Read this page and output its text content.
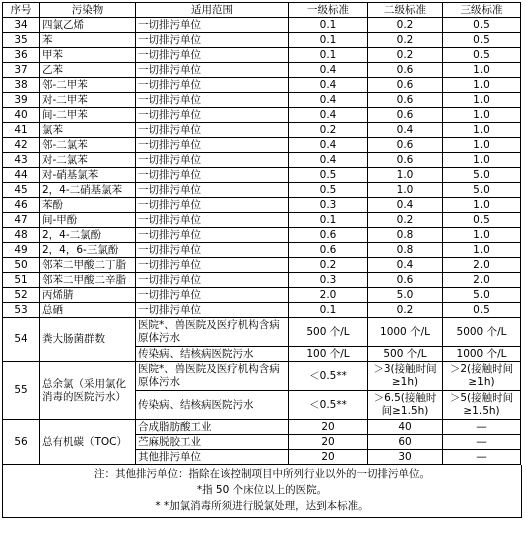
序号	污染物	适用范围	一级标准	二级标准	三级标准
34	四氯乙烯	一切排污单位	0.1	0.2	0.5
35	苯	一切排污单位	0.1	0.2	0.5
36	甲苯	一切排污单位	0.1	0.2	0.5
37	乙苯	一切排污单位	0.4	0.6	1.0
38	邻-二甲苯	一切排污单位	0.4	0.6	1.0
39	对-二甲苯	一切排污单位	0.4	0.6	1.0
40	间-二甲苯	一切排污单位	0.4	0.6	1.0
41	氯苯	一切排污单位	0.2	0.4	1.0
42	邻-二氯苯	一切排污单位	0.4	0.6	1.0
43	对-二氯苯	一切排污单位	0.4	0.6	1.0
44	对-硝基氯苯	一切排污单位	0.5	1.0	5.0
45	2，4-二硝基氯苯	一切排污单位	0.5	1.0	5.0
46	苯酚	一切排污单位	0.3	0.4	1.0
47	间-甲酚	一切排污单位	0.1	0.2	0.5
48	2，4-二氯酚	一切排污单位	0.6	0.8	1.0
49	2，4，6-三氯酚	一切排污单位	0.6	0.8	1.0
50	邻苯二甲酸二丁脂	一切排污单位	0.2	0.4	2.0
51	邻苯二甲酸二辛脂	一切排污单位	0.3	0.6	2.0
52	丙烯腈	一切排污单位	2.0	5.0	5.0
53	总硒	一切排污单位	0.1	0.2	0.5
54	粪大肠菌群数	医院*、兽医院及医疗机构含病原体污水	500 个/L	1000 个/L	5000 个/L
		传染病、结核病医院污水	100 个/L	500 个/L	1000 个/L
55	总余氯（采用氯化消毒的医院污水）	医院*、兽医院及医疗机构含病原体污水	＜0.5**	＞3(接触时间≥1h)	＞2(接触时间≥1h)
		传染病、结核病医院污水	＜0.5**	＞6.5(接触时间≥1.5h)	＞5(接触时间≥1.5h)
56	总有机碳（TOC）	合成脂肪酸工业	20	40	—
		苎麻脱胶工业	20	60	—
		其他排污单位	20	30	—
注：其他排污单位：指除在该控制项目中所列行业以外的一切排污单位。
*指 50 个床位以上的医院。
* *加氯消毒所须进行脱氯处理，达到本标准。
